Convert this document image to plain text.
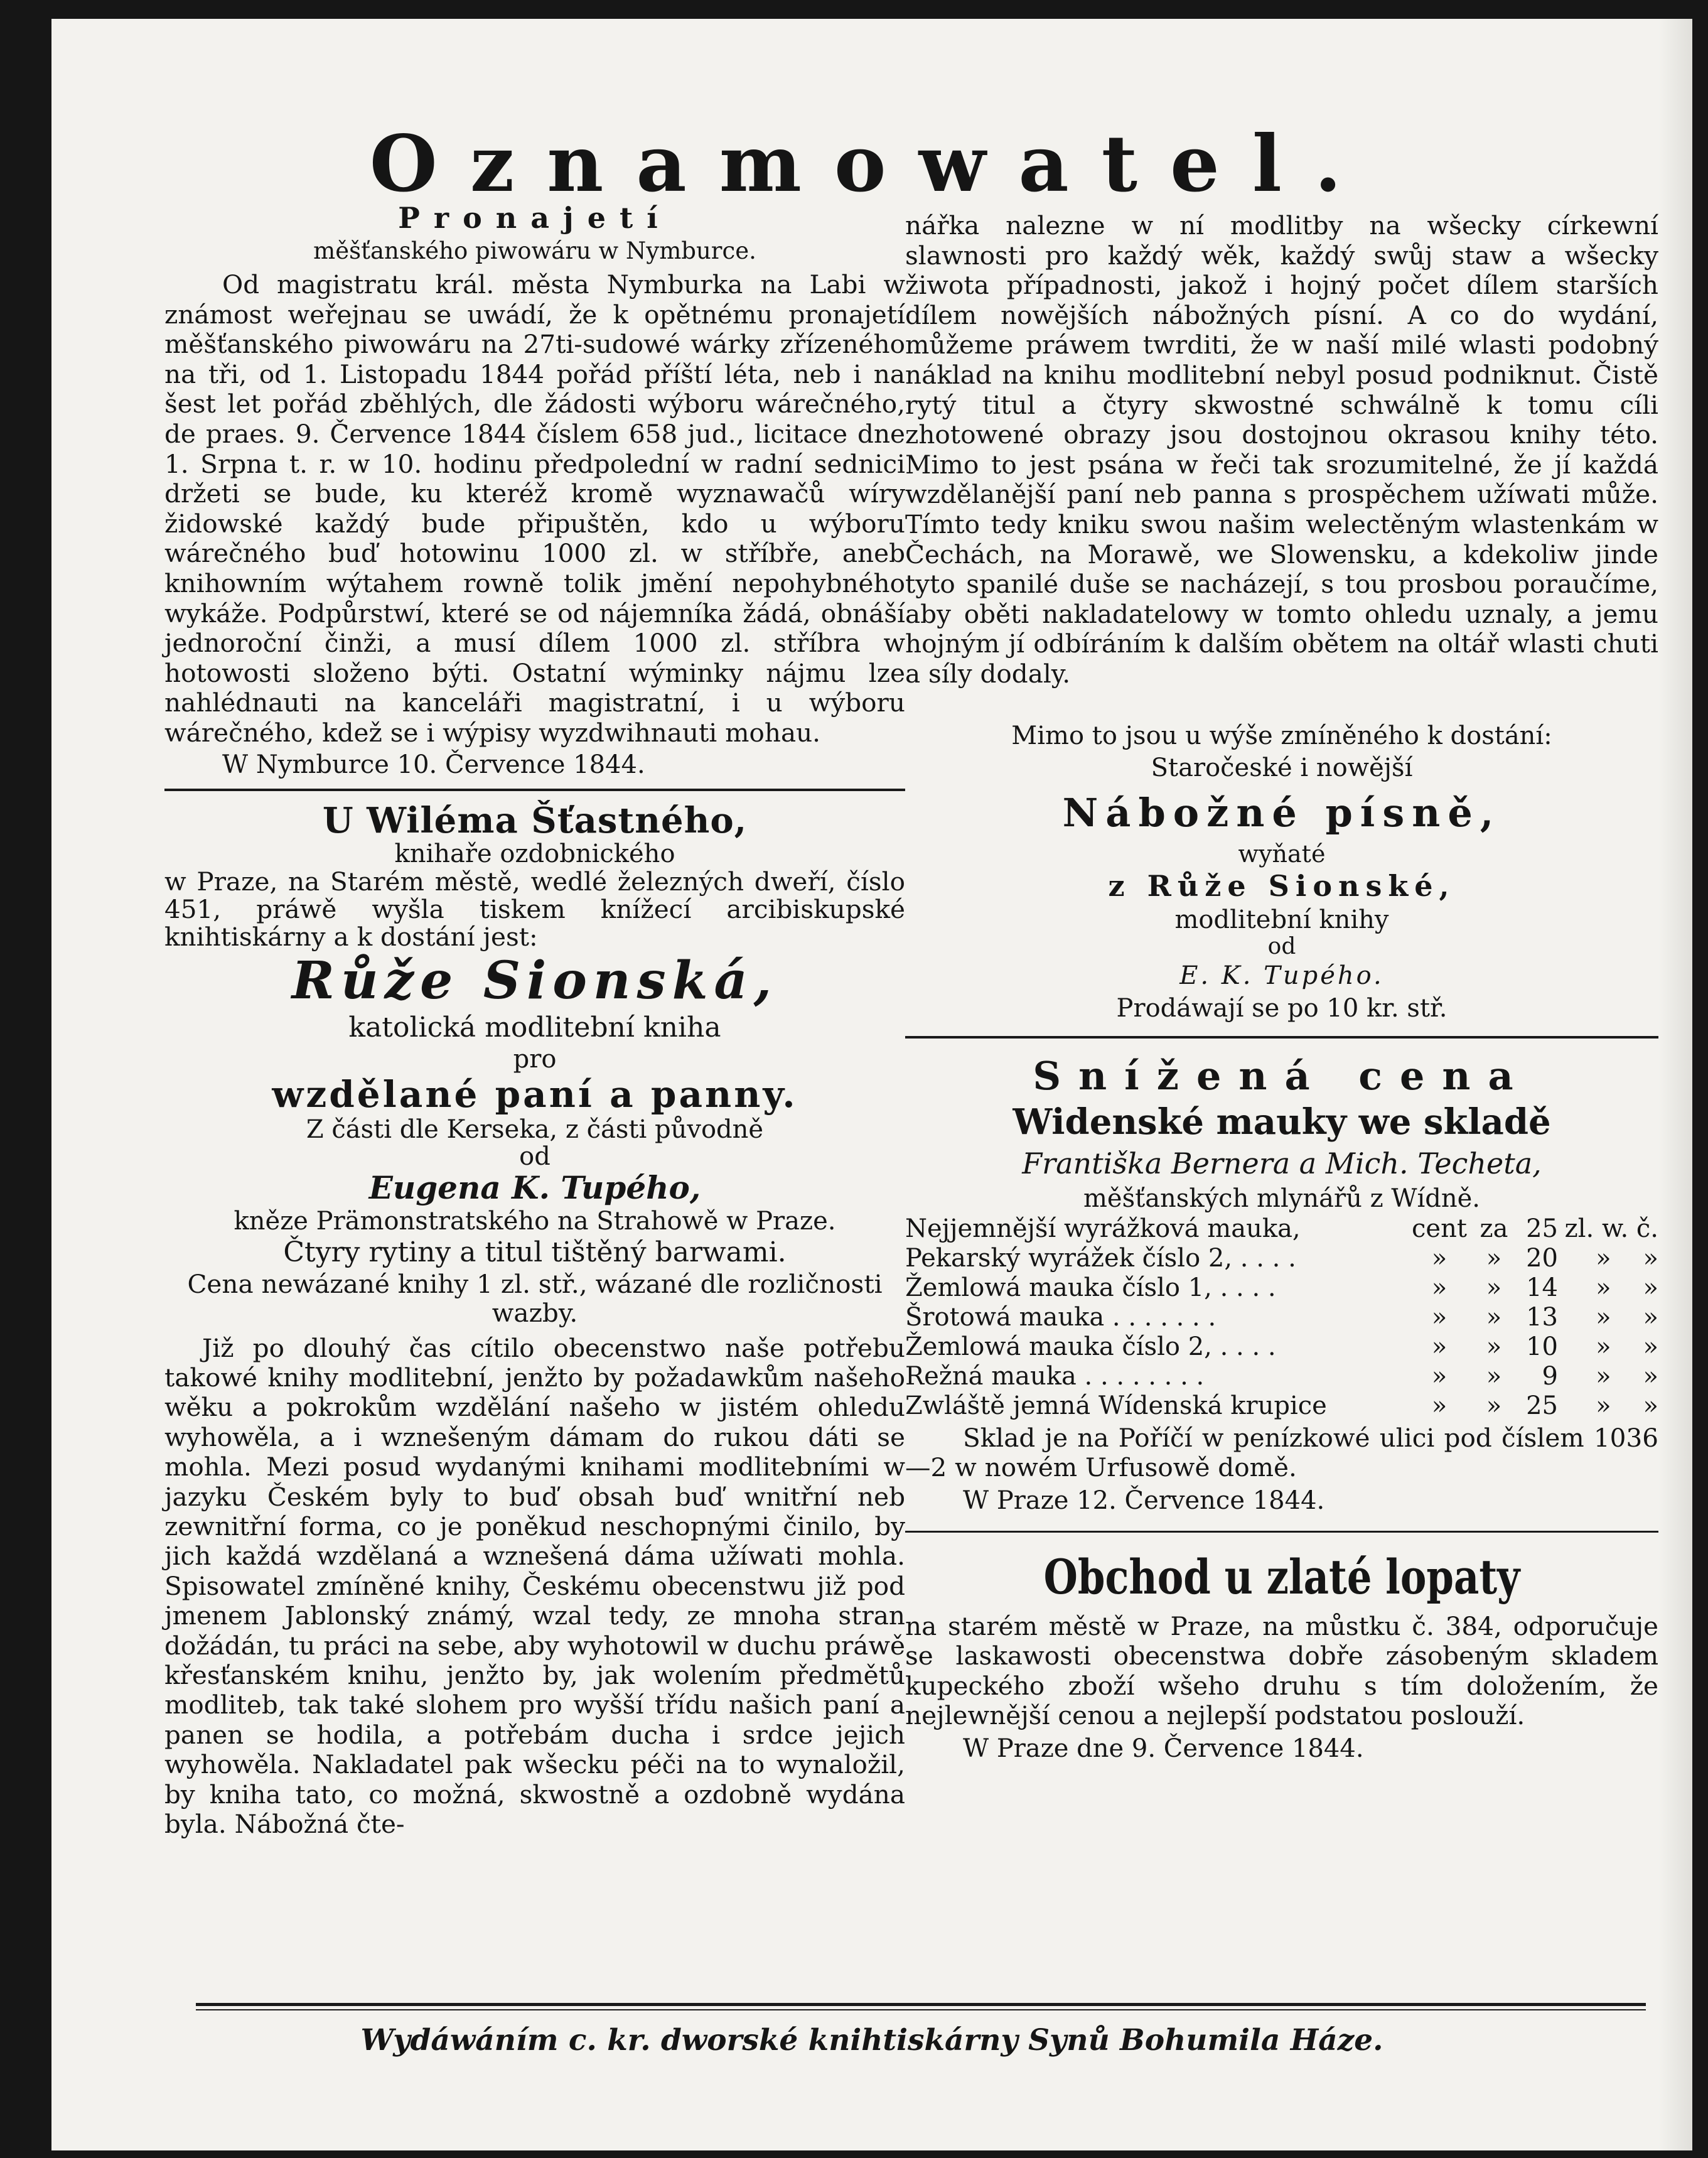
Oznamowatel.

Pronajetí

měšťanského piwowáru w Nymburce.

Od magistratu král. města Nymburka na Labi w známost weřejnau se uwádí, že k opětnému pronajetí měšťanského piwowáru na 27ti-sudowé wárky zřízeného na tři, od 1. Listopadu 1844 pořád příští léta, neb i na šest let pořád zběhlých, dle žádosti wýboru wárečného, de praes. 9. Července 1844 číslem 658 jud., licitace dne 1. Srpna t. r. w 10. hodinu předpolední w radní sednici držeti se bude, ku kteréž kromě wyznawačů wíry židowské každý bude připuštěn, kdo u wýboru wárečného buď hotowinu 1000 zl. w stříbře, aneb knihowním wýtahem rowně tolik jmění nepohybného wykáže. Podpůrstwí, které se od nájemníka žádá, obnáší jednoroční činži, a musí dílem 1000 zl. stříbra w hotowosti složeno býti. Ostatní wýminky nájmu lze nahlédnauti na kanceláři magistratní, i u wýboru wárečného, kdež se i wýpisy wyzdwihnauti mohau.

W Nymburce 10. Července 1844.

U Wiléma Šťastného,

knihaře ozdobnického

w Praze, na Starém městě, wedlé železných dweří, číslo 451, práwě wyšla tiskem knížecí arcibiskupské knihtiskárny a k dostání jest:

Růže Sionská,

katolická modlitební kniha

pro

wzdělané paní a panny.

Z části dle Kerseka, z části původně

od

Eugena K. Tupého,

kněze Prämonstratského na Strahowě w Praze.

Čtyry rytiny a titul tištěný barwami.

Cena newázané knihy 1 zl. stř., wázané dle rozličnosti wazby.

Již po dlouhý čas cítilo obecenstwo naše potřebu takowé knihy modlitební, jenžto by požadawkům našeho wěku a pokrokům wzdělání našeho w jistém ohledu wyhowěla, a i wznešeným dámam do rukou dáti se mohla. Mezi posud wydanými knihami modlitebními w jazyku Českém byly to buď obsah buď wnitřní neb zewnitřní forma, co je poněkud neschopnými činilo, by jich každá wzdělaná a wznešená dáma užíwati mohla. Spisowatel zmíněné knihy, Českému obecenstwu již pod jmenem Jablonský známý, wzal tedy, ze mnoha stran dožádán, tu práci na sebe, aby wyhotowil w duchu práwě křesťanském knihu, jenžto by, jak wolením předmětů modliteb, tak také slohem pro wyšší třídu našich paní a panen se hodila, a potřebám ducha i srdce jejich wyhowěla. Nakladatel pak wšecku péči na to wynaložil, by kniha tato, co možná, skwostně a ozdobně wydána byla. Nábožná čte-

nářka nalezne w ní modlitby na wšecky církewní slawnosti pro každý wěk, každý swůj staw a wšecky žiwota případnosti, jakož i hojný počet dílem starších dílem nowějších nábožných písní. A co do wydání, můžeme práwem twrditi, že w naší milé wlasti podobný náklad na knihu modlitební nebyl posud podniknut. Čistě rytý titul a čtyry skwostné schwálně k tomu cíli zhotowené obrazy jsou dostojnou okrasou knihy této. Mimo to jest psána w řeči tak srozumitelné, že jí každá wzdělanější paní neb panna s prospěchem užíwati může. Tímto tedy kniku swou našim welectěným wlastenkám w Čechách, na Morawě, we Slowensku, a kdekoliw jinde tyto spanilé duše se nacházejí, s tou prosbou poraučíme, aby oběti nakladatelowy w tomto ohledu uznaly, a jemu hojným jí odbíráním k dalším obětem na oltář wlasti chuti a síly dodaly.

Mimo to jsou u wýše zmíněného k dostání:

Staročeské i nowější

Nábožné písně,

wyňaté

z Růže Sionské,

modlitební knihy

od

E. K. Tupého.

Prodáwají se po 10 kr. stř.

Snížená cena

Widenské mauky we skladě

Františka Bernera a Mich. Techeta,

měšťanských mlynářů z Wídně.

Nejjemnější wyrážková mauka,	cent	za	25	zl. w. č.
Pekarský wyrážek číslo 2, . . . .	»	»	20	» »
Žemlowá mauka číslo 1, . . . .	»	»	14	» »
Šrotowá mauka . . . . . . .	»	»	13	» »
Žemlowá mauka číslo 2, . . . .	»	»	10	» »
Režná mauka . . . . . . . .	»	»	9	» »
Zwláště jemná Wídenská krupice	»	»	25	» »

Sklad je na Poříčí w penízkowé ulici pod číslem 1036—2 w nowém Urfusowě domě.

W Praze 12. Července 1844.

Obchod u zlaté lopaty

na starém městě w Praze, na můstku č. 384, odporučuje se laskawosti obecenstwa dobře zásobeným skladem kupeckého zboží wšeho druhu s tím doložením, že nejlewnější cenou a nejlepší podstatou poslouží.

W Praze dne 9. Července 1844.

Wydáwáním c. kr. dworské knihtiskárny Synů Bohumila Háze.
